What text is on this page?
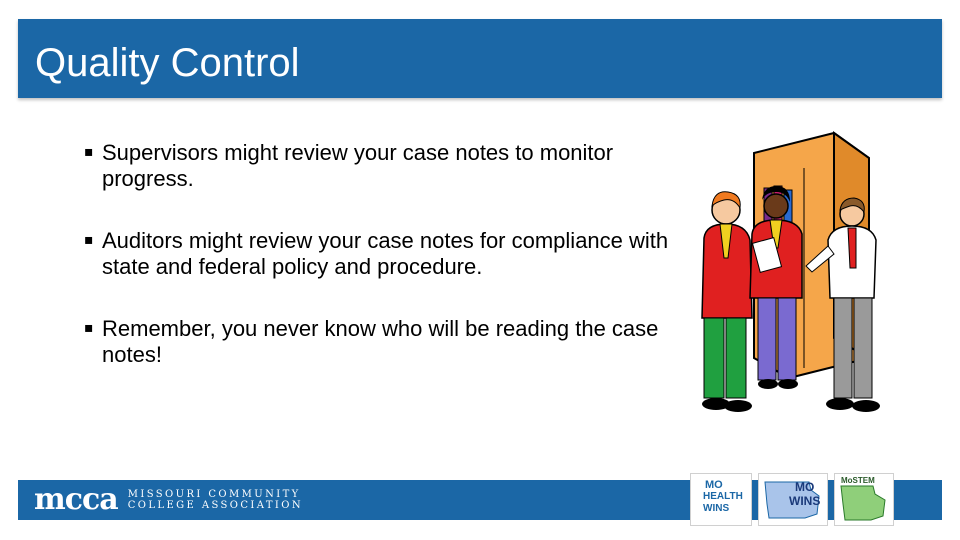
Quality Control
▪ Supervisors might review your case notes to monitor progress.
▪ Auditors might review your case notes for compliance with state and federal policy and procedure.
▪ Remember, you never know who will be reading the case notes!
mcca MISSOURI COMMUNITY
COLLEGE ASSOCIATION
MO
HEALTH
WINS
MO
WINS
MoSTEM
